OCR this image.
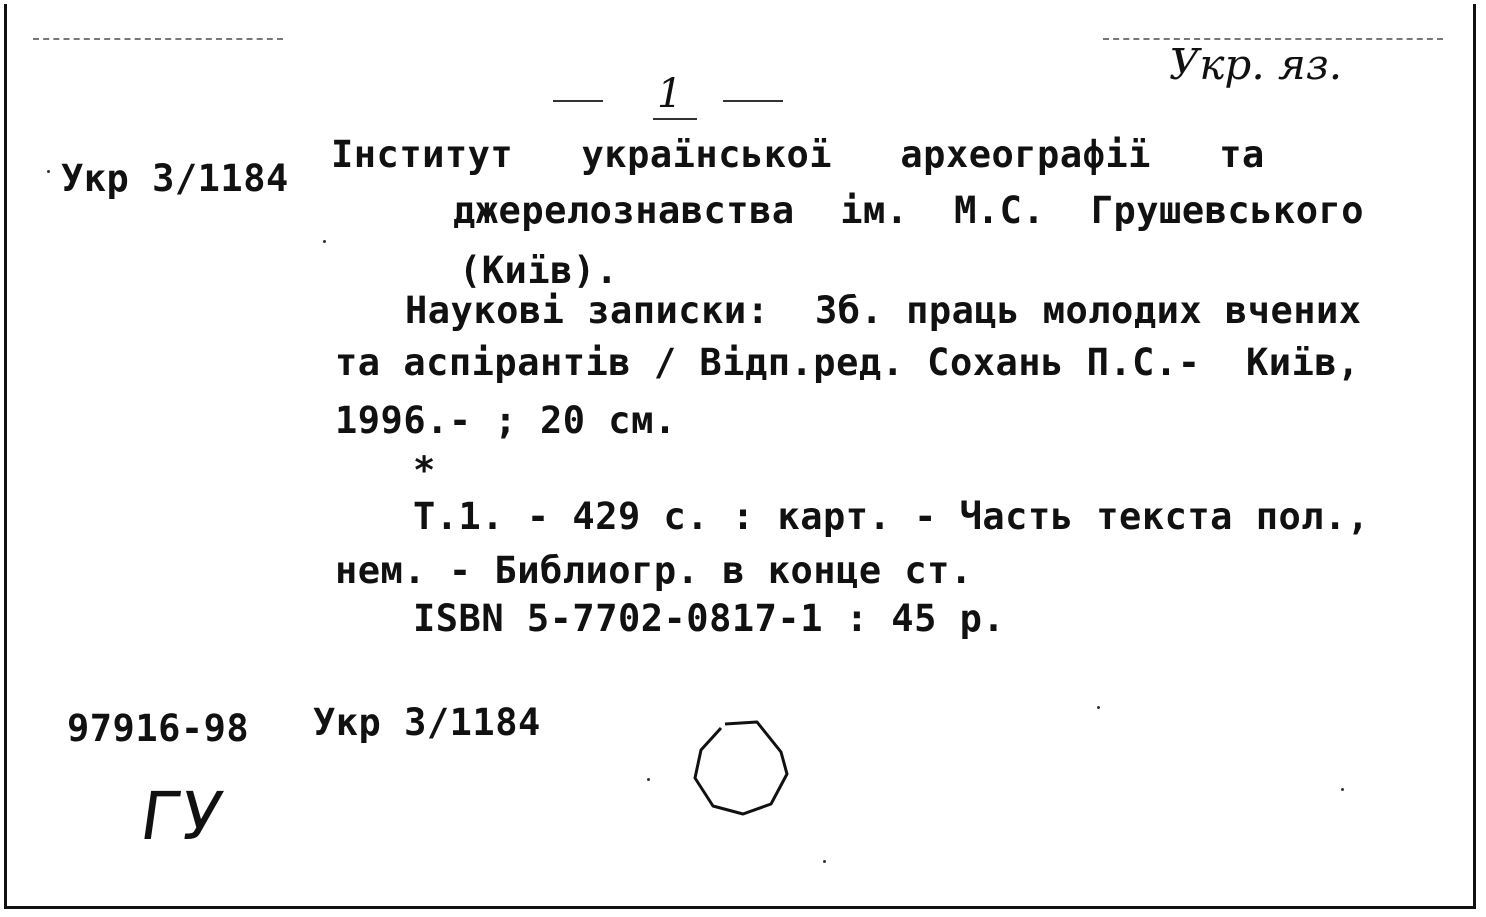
Укр. яз.
1
Укр 3/1184
Інститут   української   археографії   та
джерелознавства  ім.  М.С.  Грушевського
(Київ).
Наукові записки:  Зб. праць молодих вчених
та аспірантів / Відп.ред. Сохань П.С.-  Київ,
1996.- ; 20 см.
*
Т.1. - 429 с. : карт. - Часть текста пол.,
нем. - Библиогр. в конце ст.
ISBN 5-7702-0817-1 : 45 р.
97916-98 Укр 3/1184
ГУ
